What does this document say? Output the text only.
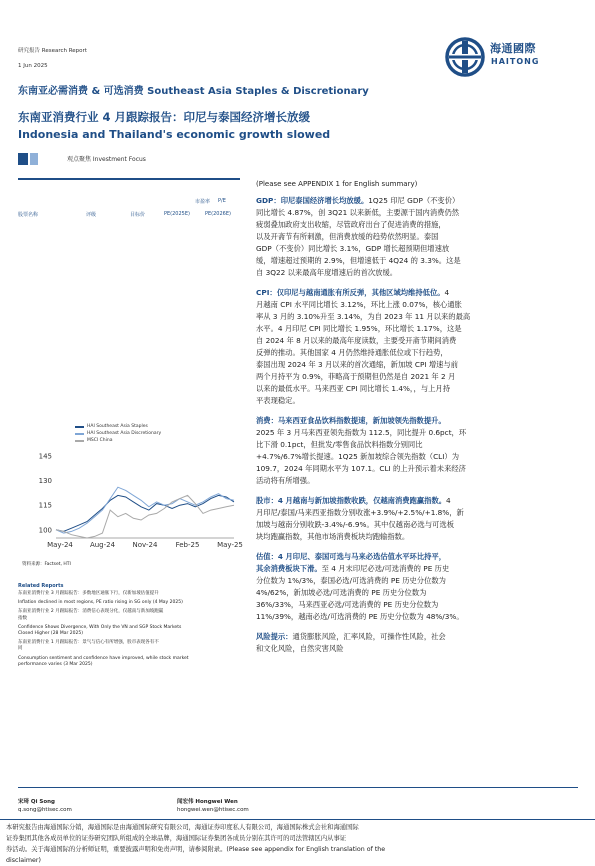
研究报告 Research Report
1 Jun 2025
海通國際
HAITONG
东南亚必需消费 & 可选消费 Southeast Asia Staples & Discretionary
东南亚消费行业 4 月跟踪报告：印尼与泰国经济增长放缓
Indonesia and Thailand's economic growth slowed
观点聚焦 Investment Focus
市盈率 P/E
股票名称	评级	目标价	PE(2025E)	PE(2026E)
HAI Southeast Asia Staples
HAI Southeast Asia Discretionary
MSCI China
100
115
130
145
May-24 Aug-24 Nov-24	Feb-25	May-25
资料来源：Factset, HTI
Related Reports
东南亚消费行业 3 月跟踪报告：多数地区通胀下行，仅新加坡估值提升
Inflation declined in most regions, PE ratio rising in SG only (4 May 2025)
东南亚消费行业 2 月跟踪报告：消费信心表现分化，仅越南与新加坡跑赢
指数
Confidence Shows Divergence, With Only the VN and SGP Stock Markets
Closed Higher (28 Mar 2025)
东南亚消费行业 1 月跟踪报告：景气与信心有所增强，股市表现各有不
同
Consumption sentiment and confidence have improved, while stock market
performance varies (3 Mar 2025)
(Please see APPENDIX 1 for English summary)
GDP：印尼泰国经济增长均放缓。1Q25 印尼 GDP（不变价）
同比增长 4.87%，创 3Q21 以来新低，主要源于国内消费仍然
疲弱叠加政府支出收缩，尽管政府出台了促进消费的措施，
以及开斋节有所刺激，但消费放缓的趋势依然明显。泰国
GDP（不变价）同比增长 3.1%，GDP 增长超预期但增速放
缓，增速超过预期的 2.9%，但增速低于 4Q24 的 3.3%。这是
自 3Q22 以来最高年度增速后的首次放缓。
CPI：仅印尼与越南通胀有所反弹，其他区域均维持低位。4
月越南 CPI 水平同比增长 3.12%，环比上涨 0.07%，核心通胀
率从 3 月的 3.10%升至 3.14%，为自 2023 年 11 月以来的最高
水平。4 月印尼 CPI 同比增长 1.95%，环比增长 1.17%，这是
自 2024 年 8 月以来的最高年度读数，主要受开斋节期间消费
反弹的推动。其他国家 4 月仍然维持通胀低位或下行趋势，
泰国出现 2024 年 3 月以来的首次通缩，新加坡 CPI 增速与前
两个月持平为 0.9%，菲略高于预期但仍然是自 2021 年 2 月
以来的最低水平。马来西亚 CPI 同比增长 1.4%，，与上月持
平表现稳定。
消费：马来西亚食品饮料指数提速，新加坡领先指数提升。
2025 年 3 月马来西亚领先指数为 112.5，同比提升 0.6pct，环
比下滑 0.1pct，但批发/零售食品饮料指数分别同比
+4.7%/6.7%增长提速。1Q25 新加坡综合领先指数（CLI）为
109.7，2024 年同期水平为 107.1。CLI 的上升预示着未来经济
活动将有所增强。
股市：4 月越南与新加坡指数收跌，仅越南消费跑赢指数。4
月印尼/泰国/马来西亚指数分别收涨+3.9%/+2.5%/+1.8%，新
加坡与越南分别收跌-3.4%/-6.9%。其中仅越南必选与可选板
块均跑赢指数，其他市场消费板块均跑输指数。
估值：4 月印尼、泰国可选与马来必选估值水平环比持平，
其余消费板块下滑。至 4 月末印尼必选/可选消费的 PE 历史
分位数为 1%/3%，泰国必选/可选消费的 PE 历史分位数为
4%/62%，新加坡必选/可选消费的 PE 历史分位数为
36%/33%，马来西亚必选/可选消费的 PE 历史分位数为
11%/39%，越南必选/可选消费的 PE 历史分位数为 48%/3%。
风险提示：通货膨胀风险，汇率风险，可操作性风险，社会
和文化风险，自然灾害风险
宋琦 Qi Song
q.song@htisec.com
闻宏伟 Hongwei Wen
hongwei.wen@htisec.com
本研究报告由海通国际分销，海通国际是由海通国际研究有限公司，海通证券印度私人有限公司，海通国际株式会社和海通国际
证券集团其他各成员单位的证券研究团队所组成的全球品牌，海通国际证券集团各成员分别在其许可的司法管辖区内从事证
券活动。关于海通国际的分析师证明，重要披露声明和免责声明，请参阅附录。(Please see appendix for English translation of the
disclaimer)
